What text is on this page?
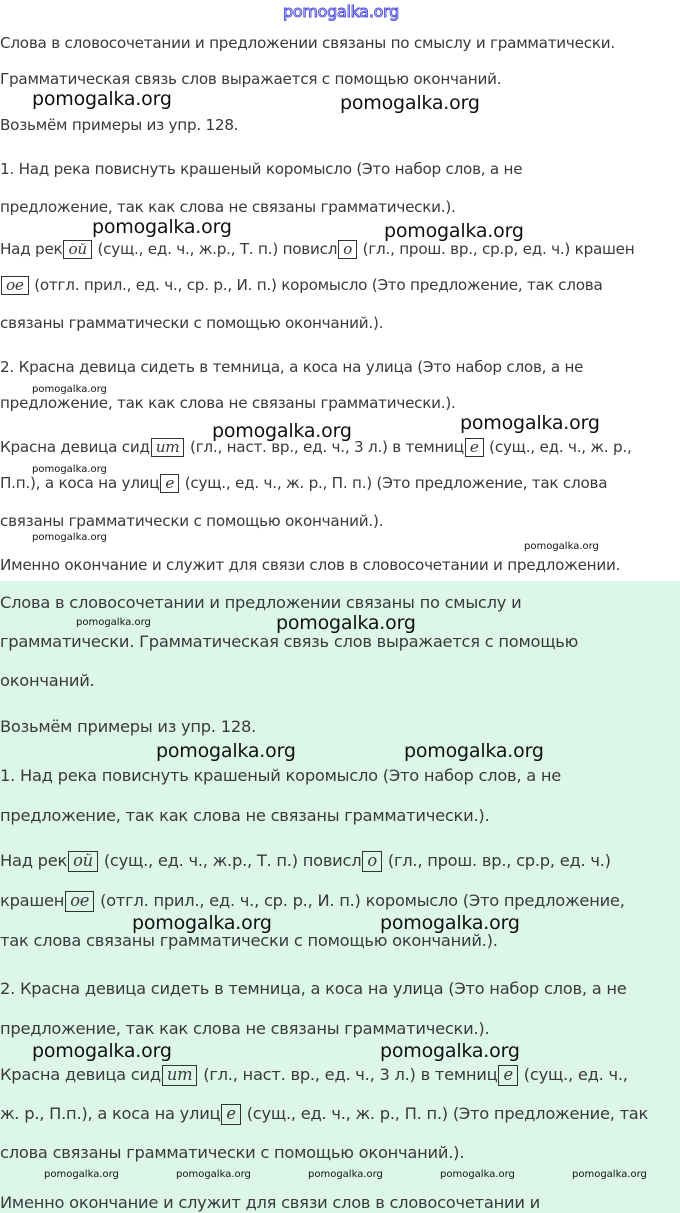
pomogalka.org
Слова в словосочетании и предложении связаны по смыслу и грамматически.
Грамматическая связь слов выражается с помощью окончаний.
Возьмём примеры из упр. 128.
1. Над река повиснуть крашеный коромысло (Это набор слов, а не
предложение, так как слова не связаны грамматически.).
Над рек ой (сущ., ед. ч., ж.р., Т. п.) повисл о (гл., прош. вр., ср.р, ед. ч.) крашен
ое (отгл. прил., ед. ч., ср. р., И. п.) коромысло (Это предложение, так слова
связаны грамматически с помощью окончаний.).
2. Красна девица сидеть в темница, а коса на улица (Это набор слов, а не
предложение, так как слова не связаны грамматически.).
Красна девица сид ит (гл., наст. вр., ед. ч., 3 л.) в темниц е (сущ., ед. ч., ж. р.,
П.п.), а коса на улиц е (сущ., ед. ч., ж. р., П. п.) (Это предложение, так слова
связаны грамматически с помощью окончаний.).
Именно окончание и служит для связи слов в словосочетании и предложении.
Слова в словосочетании и предложении связаны по смыслу и
грамматически. Грамматическая связь слов выражается с помощью
окончаний.
Возьмём примеры из упр. 128.
1. Над река повиснуть крашеный коромысло (Это набор слов, а не
предложение, так как слова не связаны грамматически.).
Над рек ой (сущ., ед. ч., ж.р., Т. п.) повисл о (гл., прош. вр., ср.р, ед. ч.)
крашен ое (отгл. прил., ед. ч., ср. р., И. п.) коромысло (Это предложение,
так слова связаны грамматически с помощью окончаний.).
2. Красна девица сидеть в темница, а коса на улица (Это набор слов, а не
предложение, так как слова не связаны грамматически.).
Красна девица сид ит (гл., наст. вр., ед. ч., 3 л.) в темниц е (сущ., ед. ч.,
ж. р., П.п.), а коса на улиц е (сущ., ед. ч., ж. р., П. п.) (Это предложение, так
слова связаны грамматически с помощью окончаний.).
Именно окончание и служит для связи слов в словосочетании и
pomogalka.org	pomogalka.org
pomogalka.org	pomogalka.org
pomogalka.org
pomogalka.org
pomogalka.org
pomogalka.org
pomogalka.org
pomogalka.org
pomogalka.org	pomogalka.org
pomogalka.org	pomogalka.org
pomogalka.org	pomogalka.org
pomogalka.org	pomogalka.org
pomogalka.org	pomogalka.org	pomogalka.org	pomogalka.org	pomogalka.org
